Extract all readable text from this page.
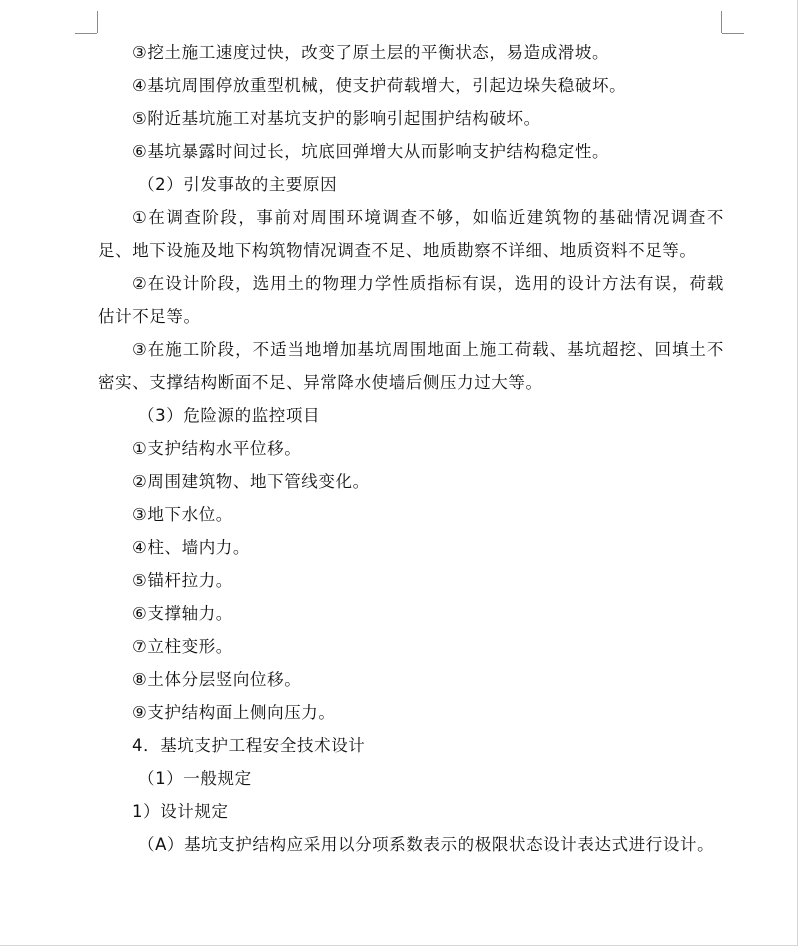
③挖土施工速度过快，改变了原土层的平衡状态，易造成滑坡。

④基坑周围停放重型机械，使支护荷载增大，引起边垛失稳破坏。

⑤附近基坑施工对基坑支护的影响引起围护结构破坏。

⑥基坑暴露时间过长，坑底回弹增大从而影响支护结构稳定性。

（2）引发事故的主要原因

①在调查阶段，事前对周围环境调查不够，如临近建筑物的基础情况调查不足、地下设施及地下构筑物情况调查不足、地质勘察不详细、地质资料不足等。

②在设计阶段，选用土的物理力学性质指标有误，选用的设计方法有误，荷载估计不足等。

③在施工阶段，不适当地增加基坑周围地面上施工荷载、基坑超挖、回填土不密实、支撑结构断面不足、异常降水使墙后侧压力过大等。

（3）危险源的监控项目

①支护结构水平位移。

②周围建筑物、地下管线变化。

③地下水位。

④柱、墙内力。

⑤锚杆拉力。

⑥支撑轴力。

⑦立柱变形。

⑧土体分层竖向位移。

⑨支护结构面上侧向压力。

4．基坑支护工程安全技术设计

（1）一般规定

1）设计规定

（A）基坑支护结构应采用以分项系数表示的极限状态设计表达式进行设计。
